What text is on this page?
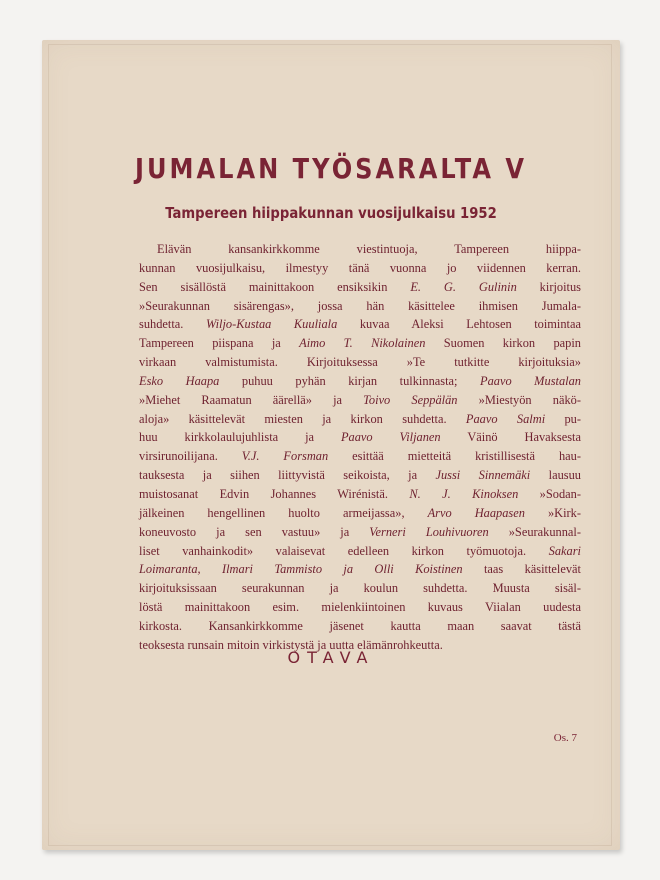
JUMALAN TYÖSARALTA V
Tampereen hiippakunnan vuosijulkaisu 1952
Elävän kansankirkkomme viestintuoja, Tampereen hiippa-
kunnan vuosijulkaisu, ilmestyy tänä vuonna jo viidennen kerran.
Sen sisällöstä mainittakoon ensiksikin E. G. Gulinin kirjoitus
»Seurakunnan sisärengas», jossa hän käsittelee ihmisen Jumala-
suhdetta. Wiljo-Kustaa Kuuliala kuvaa Aleksi Lehtosen toimintaa
Tampereen piispana ja Aimo T. Nikolainen Suomen kirkon papin
virkaan valmistumista. Kirjoituksessa »Te tutkitte kirjoituksia»
Esko Haapa puhuu pyhän kirjan tulkinnasta; Paavo Mustalan
»Miehet Raamatun äärellä» ja Toivo Seppälän »Miestyön näkö-
aloja» käsittelevät miesten ja kirkon suhdetta. Paavo Salmi pu-
huu kirkkolaulujuhlista ja Paavo Viljanen Väinö Havaksesta
virsirunoilijana. V.J. Forsman esittää mietteitä kristillisestä hau-
tauksesta ja siihen liittyvistä seikoista, ja Jussi Sinnemäki lausuu
muistosanat Edvin Johannes Wirénistä. N. J. Kinoksen »Sodan-
jälkeinen hengellinen huolto armeijassa», Arvo Haapasen »Kirk-
koneuvosto ja sen vastuu» ja Verneri Louhivuoren »Seurakunnal-
liset vanhainkodit» valaisevat edelleen kirkon työmuotoja. Sakari
Loimaranta, Ilmari Tammisto ja Olli Koistinen taas käsittelevät
kirjoituksissaan seurakunnan ja koulun suhdetta. Muusta sisäl-
löstä mainittakoon esim. mielenkiintoinen kuvaus Viialan uudesta
kirkosta. Kansankirkkomme jäsenet kautta maan saavat tästä
teoksesta runsain mitoin virkistystä ja uutta elämänrohkeutta.
OTAVA
Os. 7
